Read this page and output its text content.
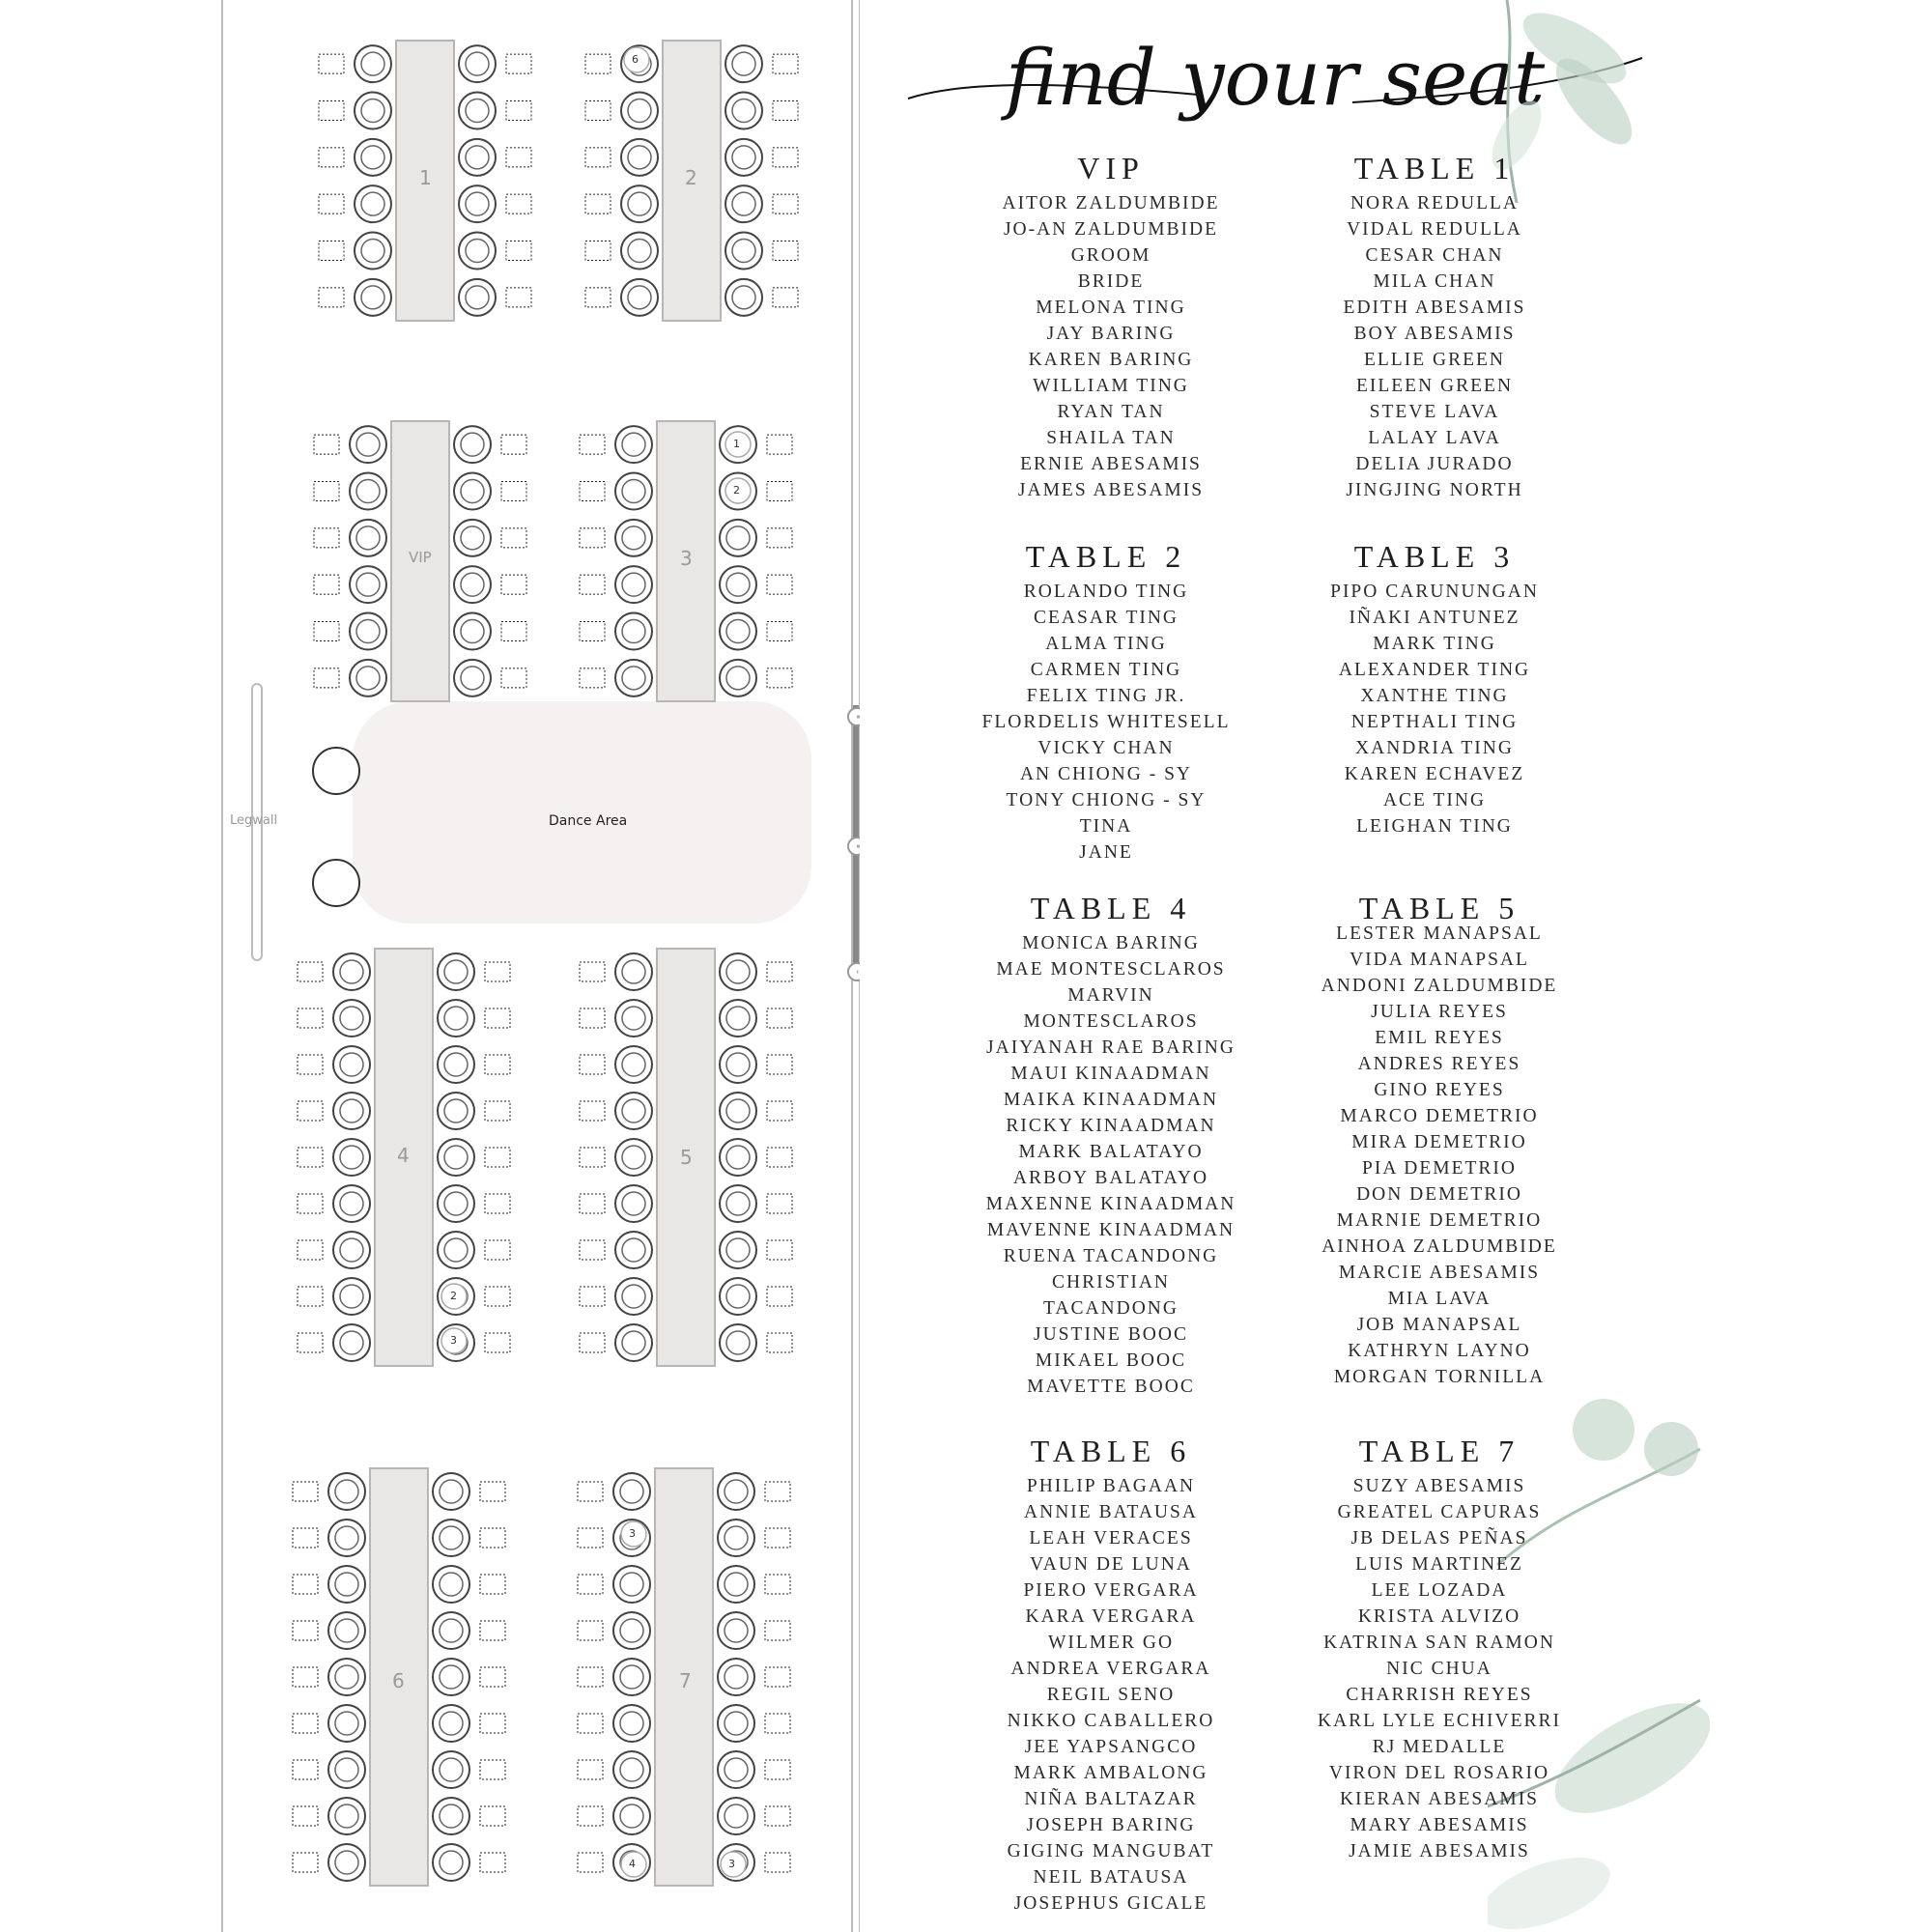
Dance Area
Legwall
1	2
VIP	3
4	5
6	7
6
1
2
2
3
3
4	3
find your seat
VIP
AITOR ZALDUMBIDE
JO-AN ZALDUMBIDE
GROOM
BRIDE
MELONA TING
JAY BARING
KAREN BARING
WILLIAM TING
RYAN TAN
SHAILA TAN
ERNIE ABESAMIS
JAMES ABESAMIS
TABLE 1
NORA REDULLA
VIDAL REDULLA
CESAR CHAN
MILA CHAN
EDITH ABESAMIS
BOY ABESAMIS
ELLIE GREEN
EILEEN GREEN
STEVE LAVA
LALAY LAVA
DELIA JURADO
JINGJING NORTH
TABLE 2
ROLANDO TING
CEASAR TING
ALMA TING
CARMEN TING
FELIX TING JR.
FLORDELIS WHITESELL
VICKY CHAN
AN CHIONG - SY
TONY CHIONG - SY
TINA
JANE
TABLE 3
PIPO CARUNUNGAN
IÑAKI ANTUNEZ
MARK TING
ALEXANDER TING
XANTHE TING
NEPTHALI TING
XANDRIA TING
KAREN ECHAVEZ
ACE TING
LEIGHAN TING
TABLE 4
MONICA BARING
MAE MONTESCLAROS
MARVIN
MONTESCLAROS
JAIYANAH RAE BARING
MAUI KINAADMAN
MAIKA KINAADMAN
RICKY KINAADMAN
MARK BALATAYO
ARBOY BALATAYO
MAXENNE KINAADMAN
MAVENNE KINAADMAN
RUENA TACANDONG
CHRISTIAN
TACANDONG
JUSTINE BOOC
MIKAEL BOOC
MAVETTE BOOC
TABLE 5
LESTER MANAPSAL
VIDA MANAPSAL
ANDONI ZALDUMBIDE
JULIA REYES
EMIL REYES
ANDRES REYES
GINO REYES
MARCO DEMETRIO
MIRA DEMETRIO
PIA DEMETRIO
DON DEMETRIO
MARNIE DEMETRIO
AINHOA ZALDUMBIDE
MARCIE ABESAMIS
MIA LAVA
JOB MANAPSAL
KATHRYN LAYNO
MORGAN TORNILLA
TABLE 6
PHILIP BAGAAN
ANNIE BATAUSA
LEAH VERACES
VAUN DE LUNA
PIERO VERGARA
KARA VERGARA
WILMER GO
ANDREA VERGARA
REGIL SENO
NIKKO CABALLERO
JEE YAPSANGCO
MARK AMBALONG
NIÑA BALTAZAR
JOSEPH BARING
GIGING MANGUBAT
NEIL BATAUSA
JOSEPHUS GICALE
TABLE 7
SUZY ABESAMIS
GREATEL CAPURAS
JB DELAS PEÑAS
LUIS MARTINEZ
LEE LOZADA
KRISTA ALVIZO
KATRINA SAN RAMON
NIC CHUA
CHARRISH REYES
KARL LYLE ECHIVERRI
RJ MEDALLE
VIRON DEL ROSARIO
KIERAN ABESAMIS
MARY ABESAMIS
JAMIE ABESAMIS
